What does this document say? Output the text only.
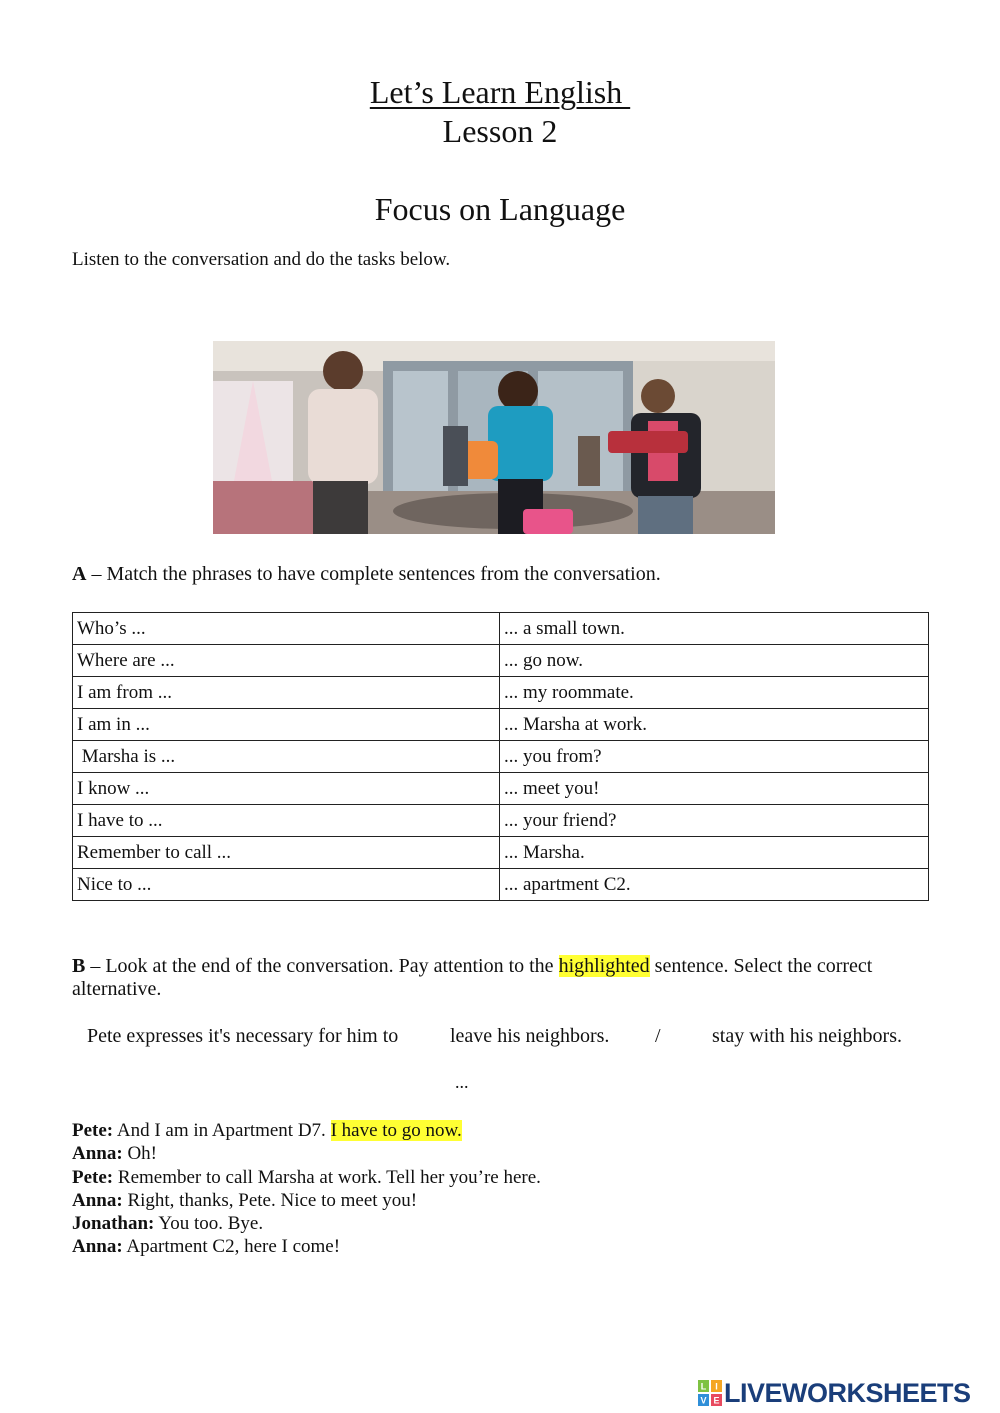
Let’s Learn English
Lesson 2
Focus on Language
Listen to the conversation and do the tasks below.
A – Match the phrases to have complete sentences from the conversation.
Who’s ...	... a small town.
Where are ...	... go now.
I am from ...	... my roommate.
I am in ...	... Marsha at work.
Marsha is ...	... you from?
I know ...	... meet you!
I have to ...	... your friend?
Remember to call ...	... Marsha.
Nice to ...	... apartment C2.
B – Look at the end of the conversation. Pay attention to the highlighted sentence. Select the correct alternative.
Pete expresses it's necessary for him to	leave his neighbors. /	stay with his neighbors.
...
Pete: And I am in Apartment D7. I have to go now.
Anna: Oh!
Pete: Remember to call Marsha at work. Tell her you’re here.
Anna: Right, thanks, Pete. Nice to meet you!
Jonathan: You too. Bye.
Anna: Apartment C2, here I come!
L I
V E LIVEWORKSHEETS
